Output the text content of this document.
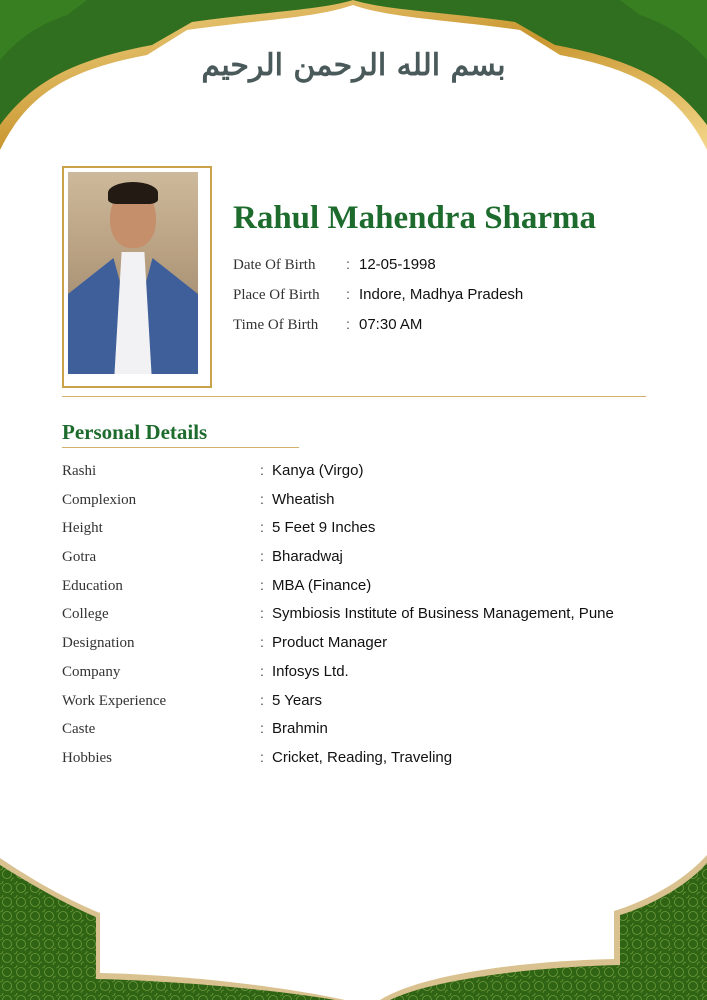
بسم الله الرحمن الرحيم
Rahul Mahendra Sharma
Date Of Birth	: 12-05-1998
Place Of Birth	: Indore, Madhya Pradesh
Time Of Birth	: 07:30 AM
Personal Details
Rashi	: Kanya (Virgo)
Complexion	: Wheatish
Height	: 5 Feet 9 Inches
Gotra	: Bharadwaj
Education	: MBA (Finance)
College	: Symbiosis Institute of Business Management, Pune
Designation	: Product Manager
Company	: Infosys Ltd.
Work Experience	: 5 Years
Caste	: Brahmin
Hobbies	: Cricket, Reading, Traveling
